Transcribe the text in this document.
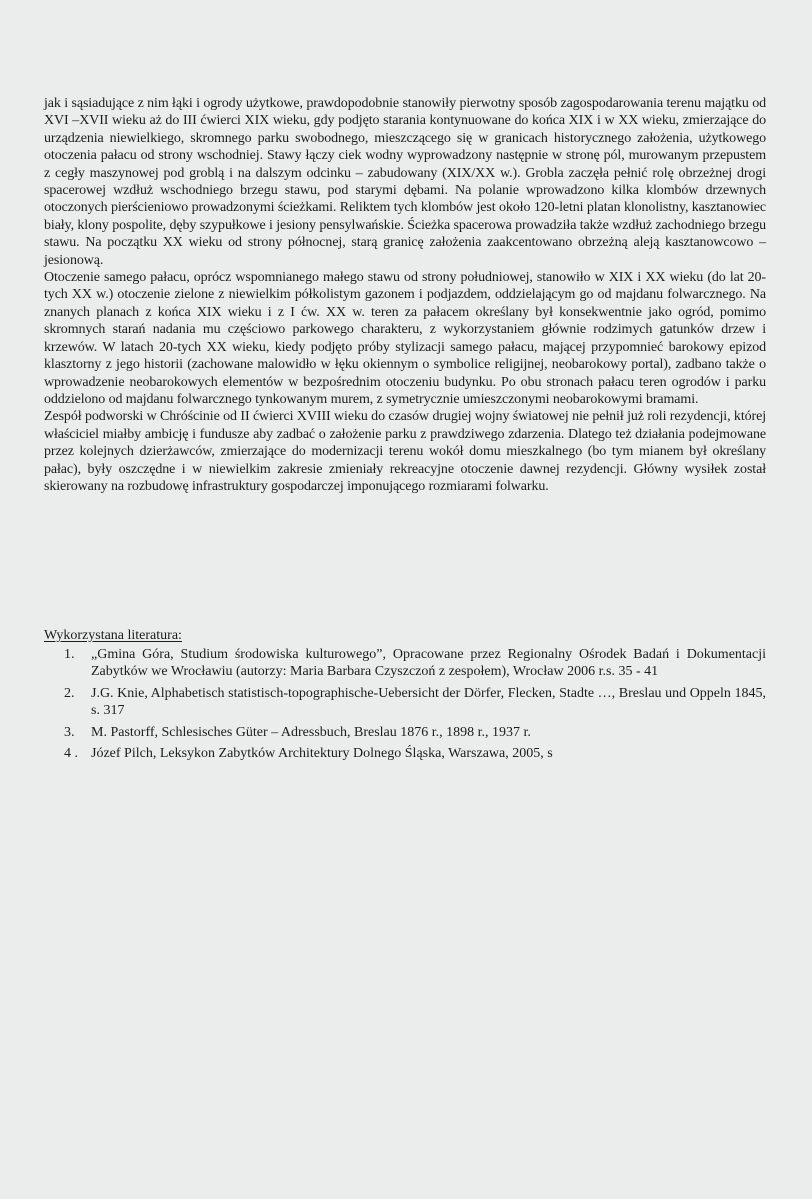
jak i sąsiadujące z nim łąki i ogrody użytkowe, prawdopodobnie stanowiły pierwotny sposób zagospodarowania terenu majątku od XVI –XVII wieku aż do III ćwierci XIX wieku, gdy podjęto starania kontynuowane do końca XIX i w XX wieku, zmierzające do urządzenia niewielkiego, skromnego parku swobodnego, mieszczącego się w granicach historycznego założenia, użytkowego otoczenia pałacu od strony wschodniej. Stawy łączy ciek wodny wyprowadzony następnie w stronę pól, murowanym przepustem z cegły maszynowej pod groblą i na dalszym odcinku – zabudowany (XIX/XX w.). Grobla zaczęła pełnić rolę obrzeżnej drogi spacerowej wzdłuż wschodniego brzegu stawu, pod starymi dębami. Na polanie wprowadzono kilka klombów drzewnych otoczonych pierścieniowo prowadzonymi ścieżkami. Reliktem tych klombów jest około 120-letni platan klonolistny, kasztanowiec biały, klony pospolite, dęby szypułkowe i jesiony pensylwańskie. Ścieżka spacerowa prowadziła także wzdłuż zachodniego brzegu stawu. Na początku XX wieku od strony północnej, starą granicę założenia zaakcentowano obrzeżną aleją kasztanowcowo – jesionową.

Otoczenie samego pałacu, oprócz wspomnianego małego stawu od strony południowej, stanowiło w XIX i XX wieku (do lat 20-tych XX w.) otoczenie zielone z niewielkim półkolistym gazonem i podjazdem, oddzielającym go od majdanu folwarcznego. Na znanych planach z końca XIX wieku i z I ćw. XX w. teren za pałacem określany był konsekwentnie jako ogród, pomimo skromnych starań nadania mu częściowo parkowego charakteru, z wykorzystaniem głównie rodzimych gatunków drzew i krzewów. W latach 20-tych XX wieku, kiedy podjęto próby stylizacji samego pałacu, mającej przypomnieć barokowy epizod klasztorny z jego historii (zachowane malowidło w łęku okiennym o symbolice religijnej, neobarokowy portal), zadbano także o wprowadzenie neobarokowych elementów w bezpośrednim otoczeniu budynku. Po obu stronach pałacu teren ogrodów i parku oddzielono od majdanu folwarcznego tynkowanym murem, z symetrycznie umieszczonymi neobarokowymi bramami.

Zespół podworski w Chróścinie od II ćwierci XVIII wieku do czasów drugiej wojny światowej nie pełnił już roli rezydencji, której właściciel miałby ambicję i fundusze aby zadbać o założenie parku z prawdziwego zdarzenia. Dlatego też działania podejmowane przez kolejnych dzierżawców, zmierzające do modernizacji terenu wokół domu mieszkalnego (bo tym mianem był określany pałac), były oszczędne i w niewielkim zakresie zmieniały rekreacyjne otoczenie dawnej rezydencji. Główny wysiłek został skierowany na rozbudowę infrastruktury gospodarczej imponującego rozmiarami folwarku.

Wykorzystana literatura:
1.	„Gmina Góra, Studium środowiska kulturowego”, Opracowane przez Regionalny Ośrodek Badań i Dokumentacji Zabytków we Wrocławiu (autorzy: Maria Barbara Czyszczoń z zespołem), Wrocław 2006 r.s. 35 - 41
2.	J.G. Knie, Alphabetisch statistisch-topographische-Uebersicht der Dörfer, Flecken, Stadte …, Breslau und Oppeln 1845, s. 317
3.	M. Pastorff, Schlesisches Güter – Adressbuch, Breslau 1876 r., 1898 r., 1937 r.
4 . Józef Pilch, Leksykon Zabytków Architektury Dolnego Śląska, Warszawa, 2005, s
